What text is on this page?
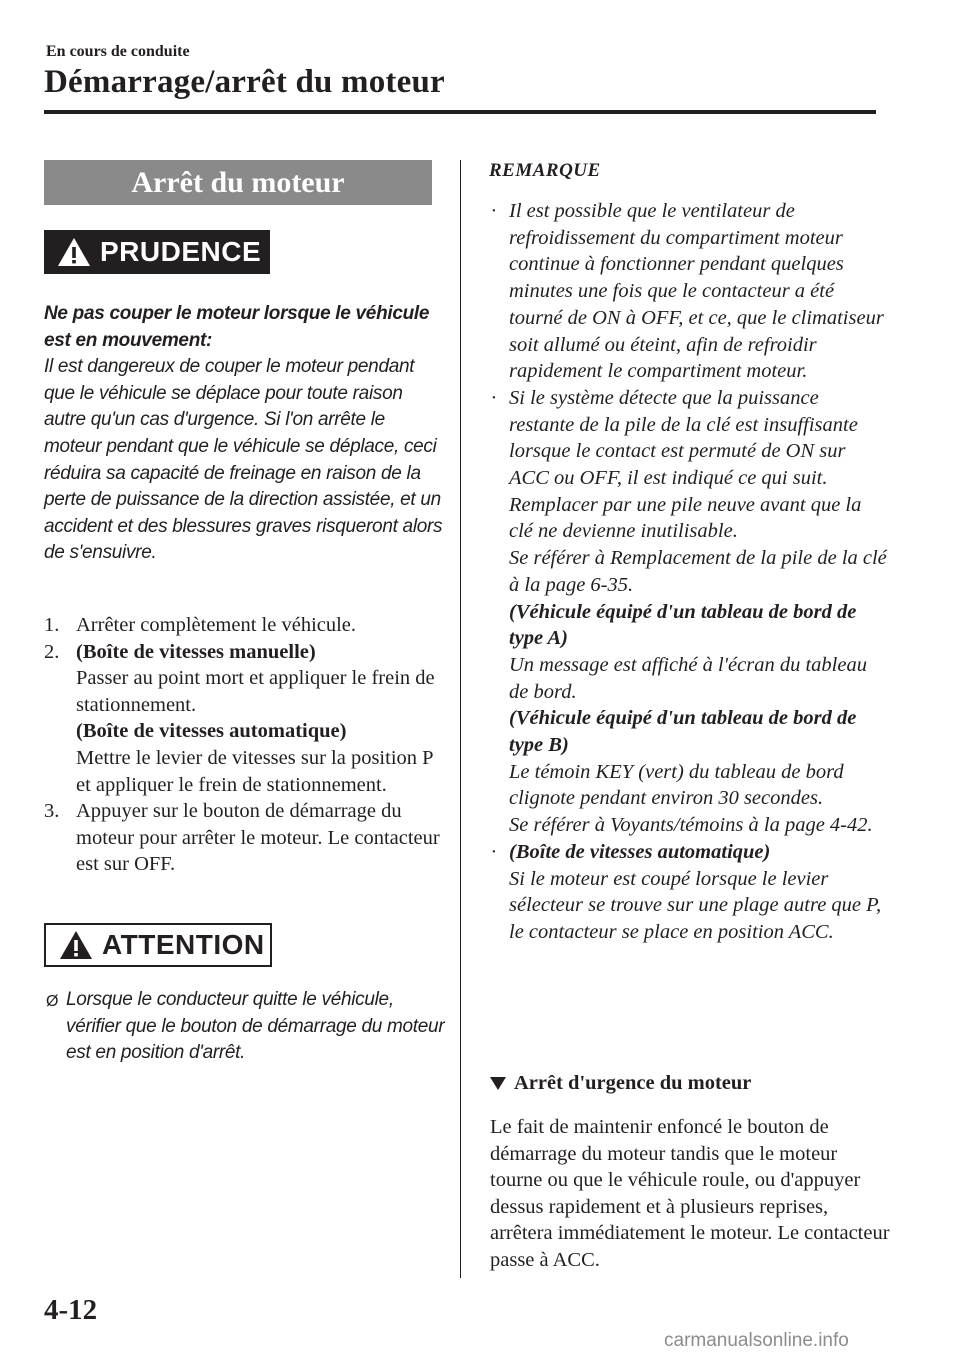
En cours de conduite
Démarrage/arrêt du moteur
Arrêt du moteur
PRUDENCE
Ne pas couper le moteur lorsque le véhicule est en mouvement:
Il est dangereux de couper le moteur pendant que le véhicule se déplace pour toute raison autre qu'un cas d'urgence. Si l'on arrête le moteur pendant que le véhicule se déplace, ceci réduira sa capacité de freinage en raison de la perte de puissance de la direction assistée, et un accident et des blessures graves risqueront alors de s'ensuivre.
1. Arrêter complètement le véhicule.
2. (Boîte de vitesses manuelle)
Passer au point mort et appliquer le frein de stationnement.
(Boîte de vitesses automatique)
Mettre le levier de vitesses sur la position P et appliquer le frein de stationnement.
3. Appuyer sur le bouton de démarrage du moteur pour arrêter le moteur. Le contacteur est sur OFF.
ATTENTION
Ø Lorsque le conducteur quitte le véhicule, vérifier que le bouton de démarrage du moteur est en position d'arrêt.
REMARQUE
· Il est possible que le ventilateur de refroidissement du compartiment moteur continue à fonctionner pendant quelques minutes une fois que le contacteur a été tourné de ON à OFF, et ce, que le climatiseur soit allumé ou éteint, afin de refroidir rapidement le compartiment moteur.
· Si le système détecte que la puissance restante de la pile de la clé est insuffisante lorsque le contact est permuté de ON sur ACC ou OFF, il est indiqué ce qui suit.
Remplacer par une pile neuve avant que la clé ne devienne inutilisable.
Se référer à Remplacement de la pile de la clé à la page 6-35.
(Véhicule équipé d'un tableau de bord de type A)
Un message est affiché à l'écran du tableau de bord.
(Véhicule équipé d'un tableau de bord de type B)
Le témoin KEY (vert) du tableau de bord clignote pendant environ 30 secondes.
Se référer à Voyants/témoins à la page 4-42.
· (Boîte de vitesses automatique)
Si le moteur est coupé lorsque le levier sélecteur se trouve sur une plage autre que P, le contacteur se place en position ACC.
Arrêt d'urgence du moteur
Le fait de maintenir enfoncé le bouton de démarrage du moteur tandis que le moteur tourne ou que le véhicule roule, ou d'appuyer dessus rapidement et à plusieurs reprises, arrêtera immédiatement le moteur. Le contacteur passe à ACC.
4-12
carmanualsonline.info
